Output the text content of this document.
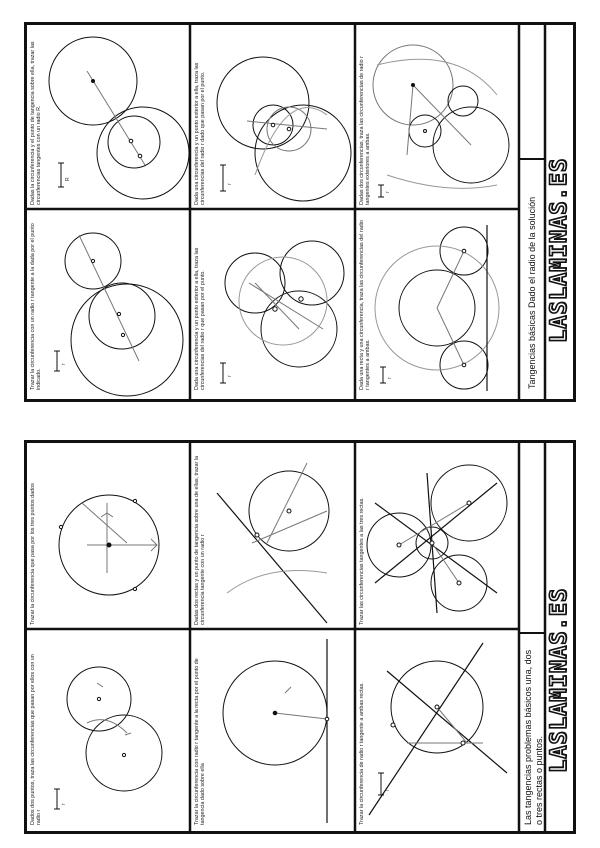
Trazar la circunferencia con un radio r tangente a la dada por el punto indicado.
Dadas la circunferencia y el punto de tangencia sobre ella, trazar las circunferencias tangentes con un radio R.	Dada una circunferencia y un punto exterior a ella, traza las circunferencias del radio r dado que pasan por el punto.
Dada una circunferencia y un punto exterior a ella, traza las circunferencias del radio r que pasan por el punto.
Dadas dos circunferencias, traza las circunferencias de radio r tangentes exteriores a ambas.
Dada una recta y una circunferencia, traza las circunferencias del radio r tangentes a ambas.
R
r
r
r
r
r	Tangencias básicas Dado el radio de la solución LASLAMINAS.ES
Trazar la circunferencia que pasa por los tres puntos dados
Dados dos puntos, traza las circunferencias que pasan por ellos con un radio r
Dadas dos rectas y un punto de tangencia sobre una de ellas, trazar la circunferencia tangente con un radio r
Trazar la circunferencia con radio r tangente a la recta por el punto de tangencia dado sobre ella
Trazar las circunferencias tangentes a las tres rectas.
Trazar la circunferencia de radio r tangente a ambas rectas.
r
r	Las tangencias problemas básicos una, dos o tres rectas o puntos.
LASLAMINAS.ES
